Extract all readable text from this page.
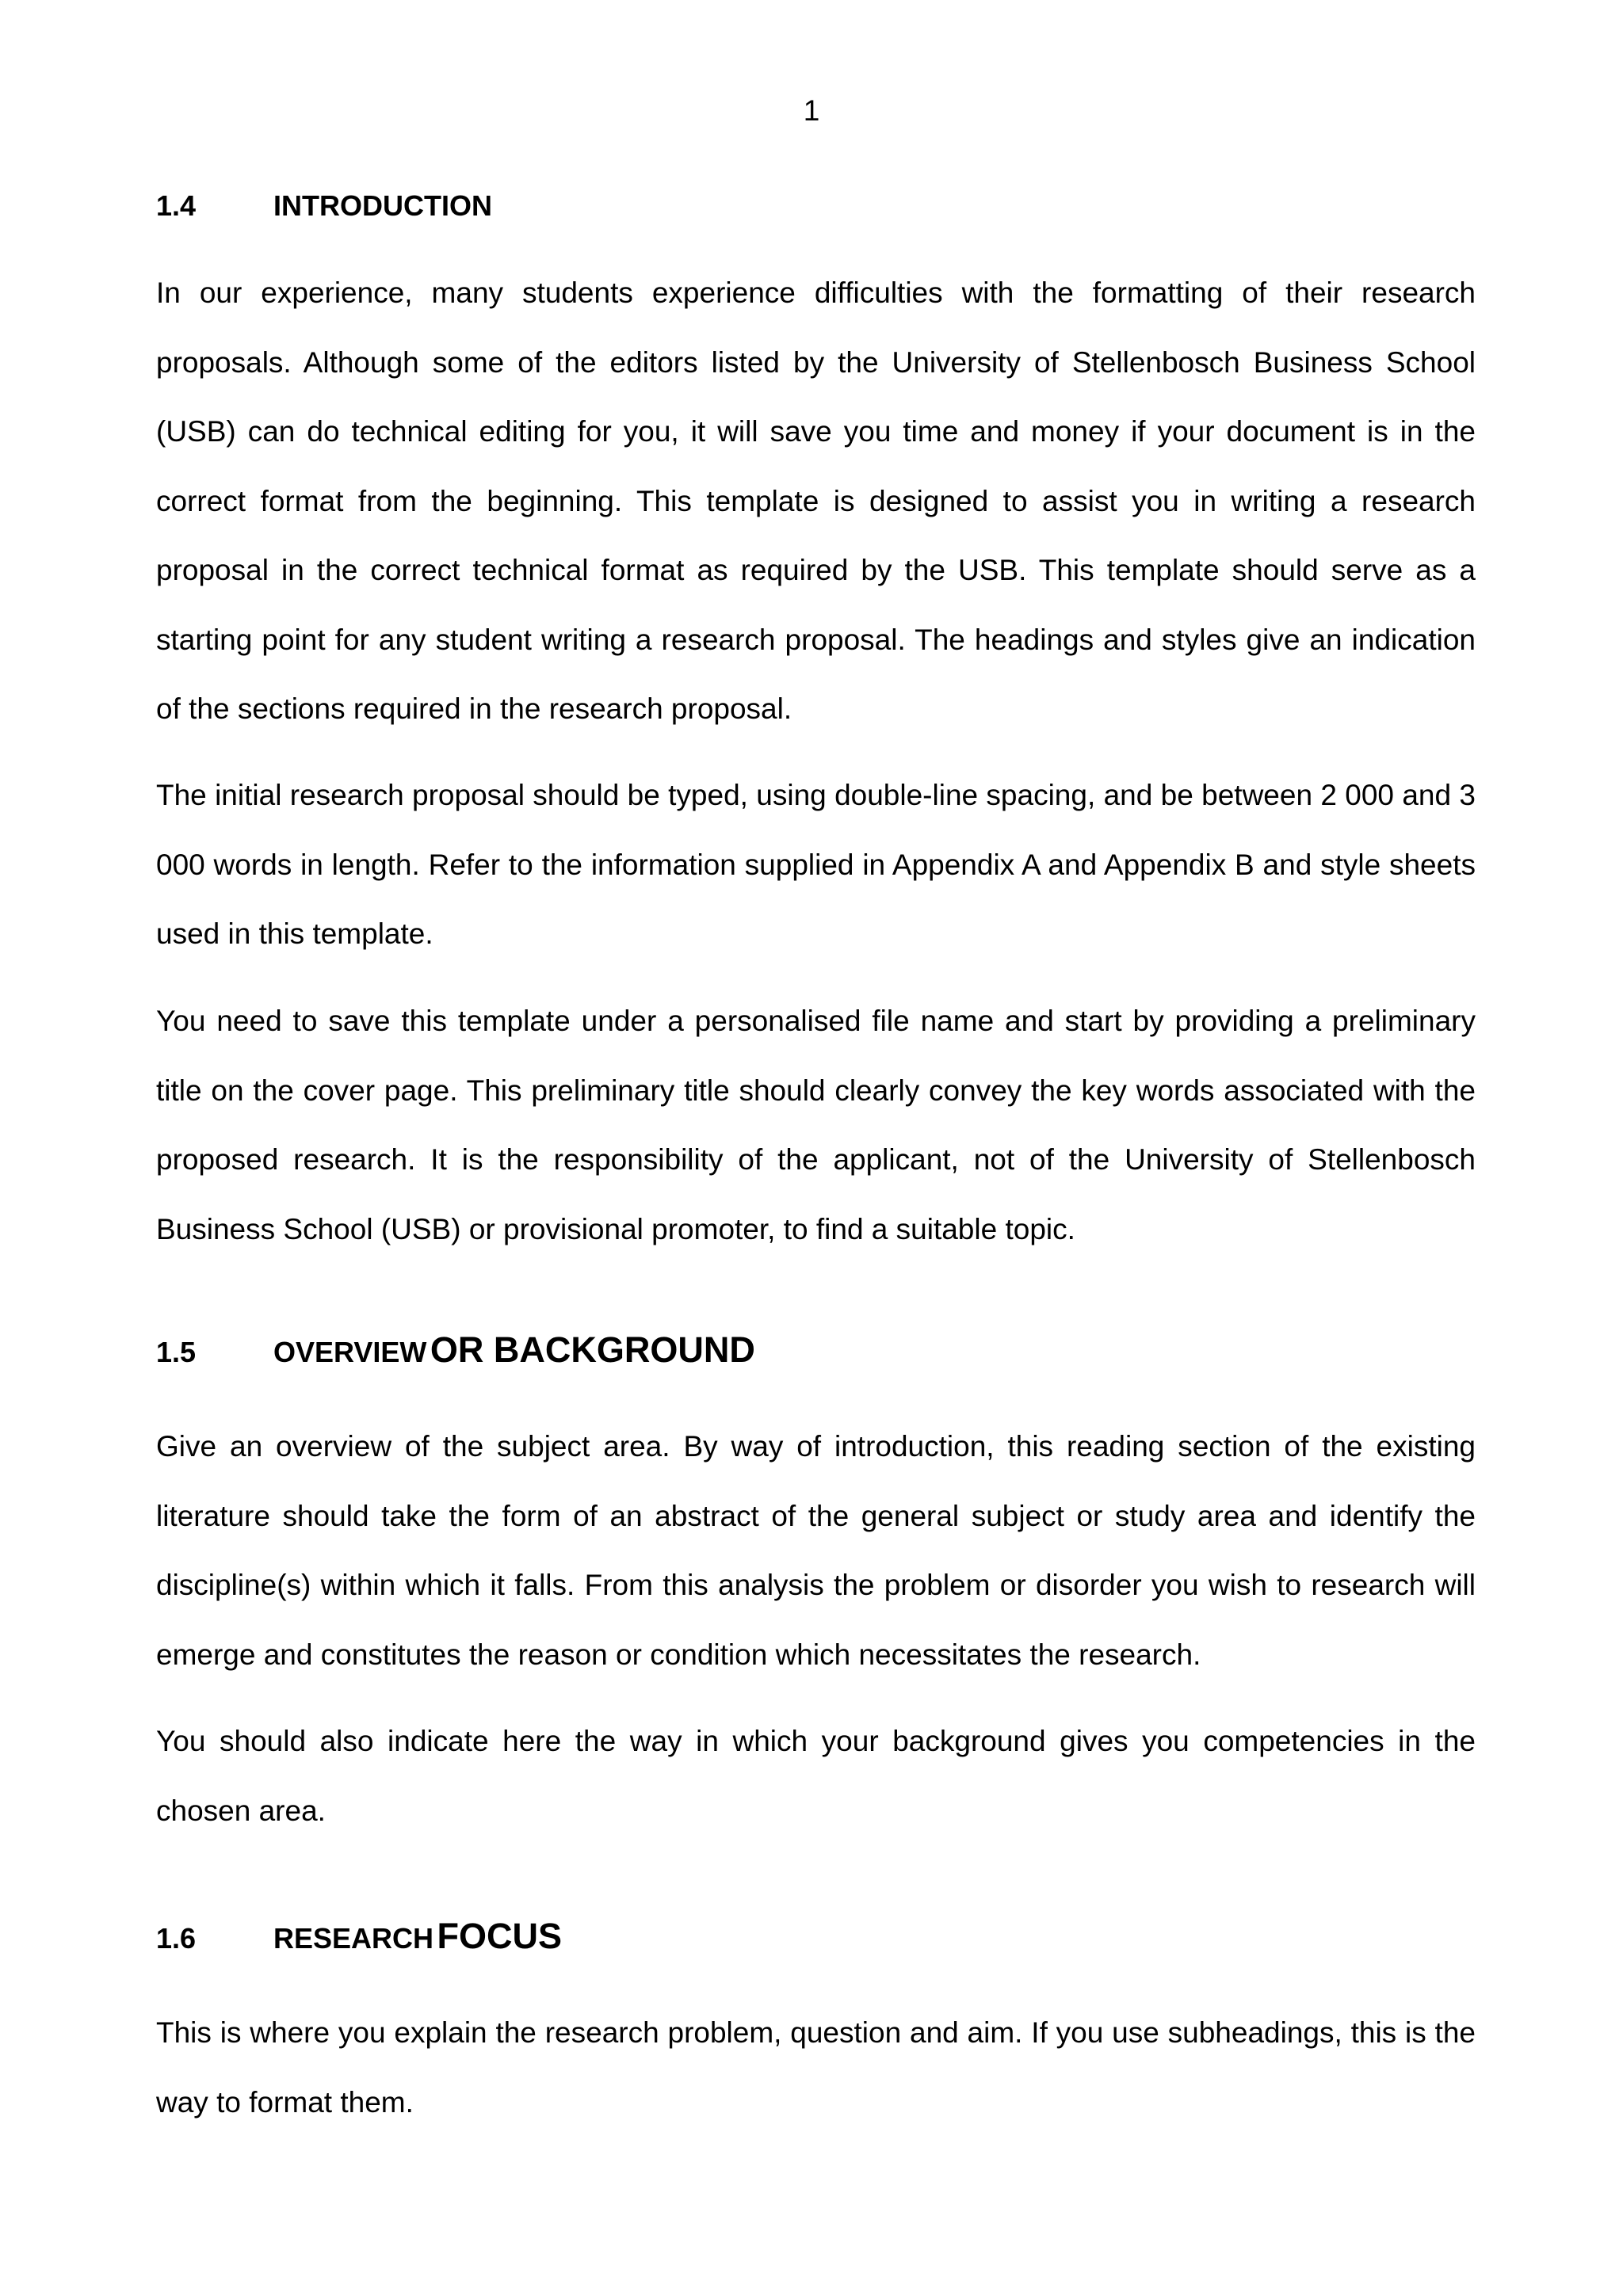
1
1.4	INTRODUCTION

In our experience, many students experience difficulties with the formatting of their research proposals. Although some of the editors listed by the University of Stellenbosch Business School (USB) can do technical editing for you, it will save you time and money if your document is in the correct format from the beginning. This template is designed to assist you in writing a research proposal in the correct technical format as required by the USB. This template should serve as a starting point for any student writing a research proposal. The headings and styles give an indication of the sections required in the research proposal.

The initial research proposal should be typed, using double-line spacing, and be between 2 000 and 3 000 words in length. Refer to the information supplied in Appendix A and Appendix B and style sheets used in this template.

You need to save this template under a personalised file name and start by providing a preliminary title on the cover page. This preliminary title should clearly convey the key words associated with the proposed research. It is the responsibility of the applicant, not of the University of Stellenbosch Business School (USB) or provisional promoter, to find a suitable topic.

1.5	OVERVIEW OR BACKGROUND

Give an overview of the subject area. By way of introduction, this reading section of the existing literature should take the form of an abstract of the general subject or study area and identify the discipline(s) within which it falls. From this analysis the problem or disorder you wish to research will emerge and constitutes the reason or condition which necessitates the research.

You should also indicate here the way in which your background gives you competencies in the chosen area.

1.6	RESEARCH FOCUS

This is where you explain the research problem, question and aim. If you use subheadings, this is the way to format them.
